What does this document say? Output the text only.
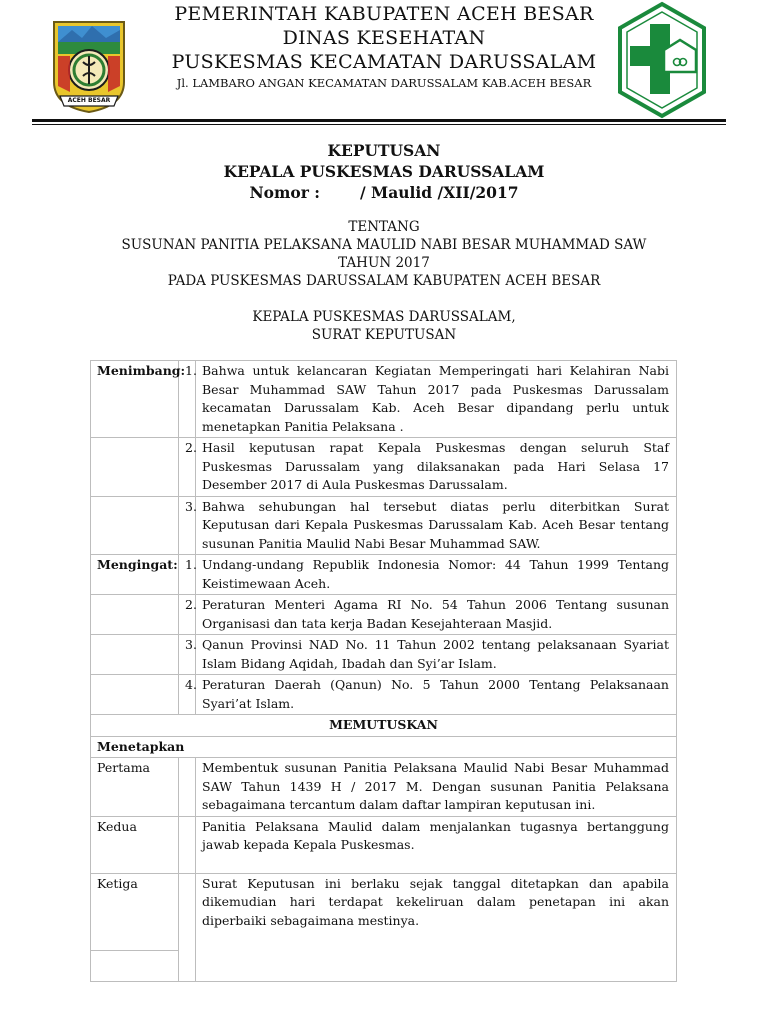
ACEH BESAR
PEMERINTAH KABUPATEN ACEH BESAR
DINAS KESEHATAN
PUSKESMAS KECAMATAN DARUSSALAM
Jl. LAMBARO ANGAN KECAMATAN DARUSSALAM KAB.ACEH BESAR
KEPUTUSAN
KEPALA PUSKESMAS DARUSSALAM
Nomor :	/ Maulid /XII/2017
TENTANG
SUSUNAN PANITIA PELAKSANA MAULID NABI BESAR MUHAMMAD SAW
TAHUN 2017
PADA PUSKESMAS DARUSSALAM KABUPATEN ACEH BESAR
KEPALA PUSKESMAS DARUSSALAM,
SURAT KEPUTUSAN
Menimbang:	1.	Bahwa untuk kelancaran Kegiatan Memperingati hari Kelahiran Nabi Besar Muhammad SAW Tahun 2017 pada Puskesmas Darussalam kecamatan Darussalam Kab. Aceh Besar dipandang perlu untuk menetapkan Panitia Pelaksana .
	2.	Hasil keputusan rapat Kepala Puskesmas dengan seluruh Staf Puskesmas Darussalam yang dilaksanakan pada Hari Selasa 17 Desember 2017 di Aula Puskesmas Darussalam.
	3.	Bahwa sehubungan hal tersebut diatas perlu diterbitkan Surat Keputusan dari Kepala Puskesmas Darussalam Kab. Aceh Besar tentang susunan Panitia Maulid Nabi Besar Muhammad SAW.
Mengingat:	1.	Undang-undang Republik Indonesia Nomor: 44 Tahun 1999 Tentang Keistimewaan Aceh.
	2.	Peraturan Menteri Agama RI No. 54 Tahun 2006 Tentang susunan Organisasi dan tata kerja Badan Kesejahteraan Masjid.
	3.	Qanun Provinsi NAD No. 11 Tahun 2002 tentang pelaksanaan Syariat Islam Bidang Aqidah, Ibadah dan Syi’ar Islam.
	4.	Peraturan Daerah (Qanun) No. 5 Tahun 2000 Tentang Pelaksanaan Syari’at Islam.
MEMUTUSKAN		
Menetapkan		
Pertama		Membentuk susunan Panitia Pelaksana Maulid Nabi Besar Muhammad SAW Tahun 1439 H / 2017 M. Dengan susunan Panitia Pelaksana sebagaimana tercantum dalam daftar lampiran keputusan ini.
Kedua		Panitia Pelaksana Maulid dalam menjalankan tugasnya bertanggung jawab kepada Kepala Puskesmas.
Ketiga		Surat Keputusan ini berlaku sejak tanggal ditetapkan dan apabila dikemudian hari terdapat kekeliruan dalam penetapan ini akan diperbaiki sebagaimana mestinya.
